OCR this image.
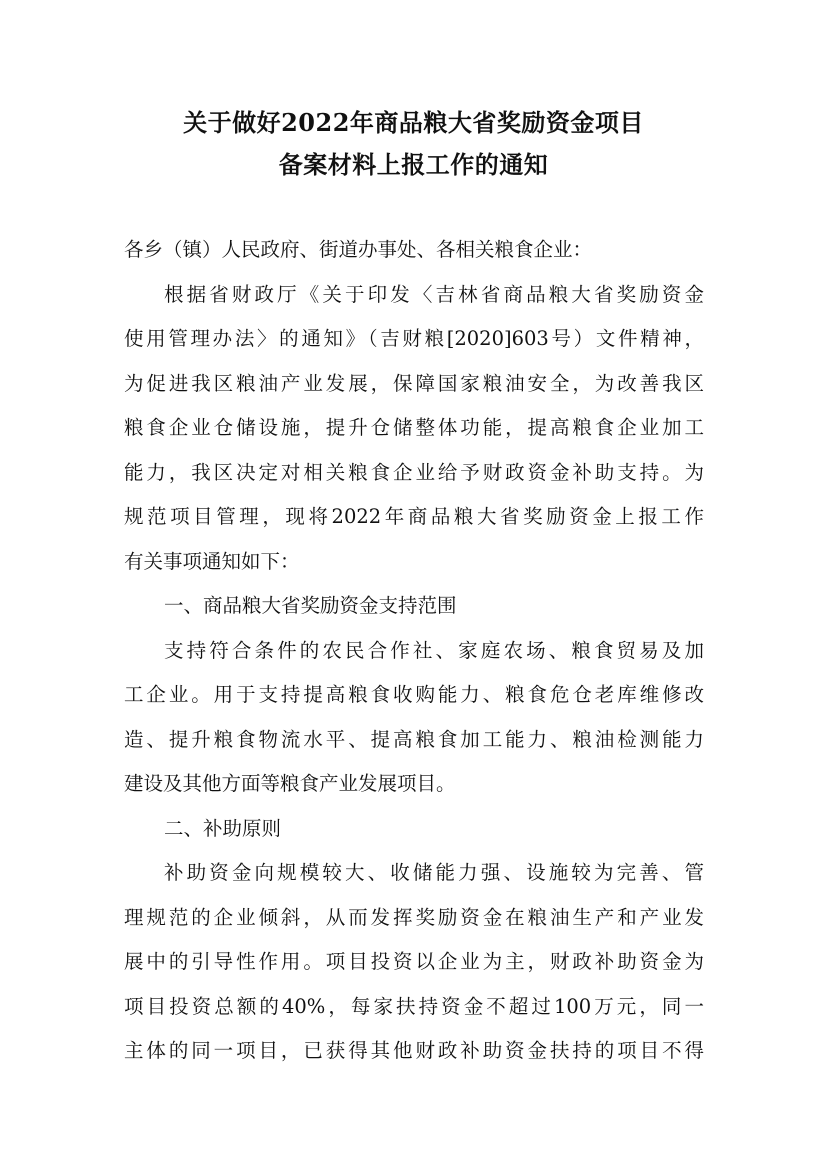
关于做好2022年商品粮大省奖励资金项目
备案材料上报工作的通知
各乡（镇）人民政府、街道办事处、各相关粮食企业：
根据省财政厅《关于印发〈吉林省商品粮大省奖励资金
使用管理办法〉的通知》（吉财粮[2020]603号）文件精神，
为促进我区粮油产业发展，保障国家粮油安全，为改善我区
粮食企业仓储设施，提升仓储整体功能，提高粮食企业加工
能力，我区决定对相关粮食企业给予财政资金补助支持。为
规范项目管理，现将2022年商品粮大省奖励资金上报工作
有关事项通知如下：
一、商品粮大省奖励资金支持范围
支持符合条件的农民合作社、家庭农场、粮食贸易及加
工企业。用于支持提高粮食收购能力、粮食危仓老库维修改
造、提升粮食物流水平、提高粮食加工能力、粮油检测能力
建设及其他方面等粮食产业发展项目。
二、补助原则
补助资金向规模较大、收储能力强、设施较为完善、管
理规范的企业倾斜，从而发挥奖励资金在粮油生产和产业发
展中的引导性作用。项目投资以企业为主，财政补助资金为
项目投资总额的40%，每家扶持资金不超过100万元，同一
主体的同一项目，已获得其他财政补助资金扶持的项目不得
